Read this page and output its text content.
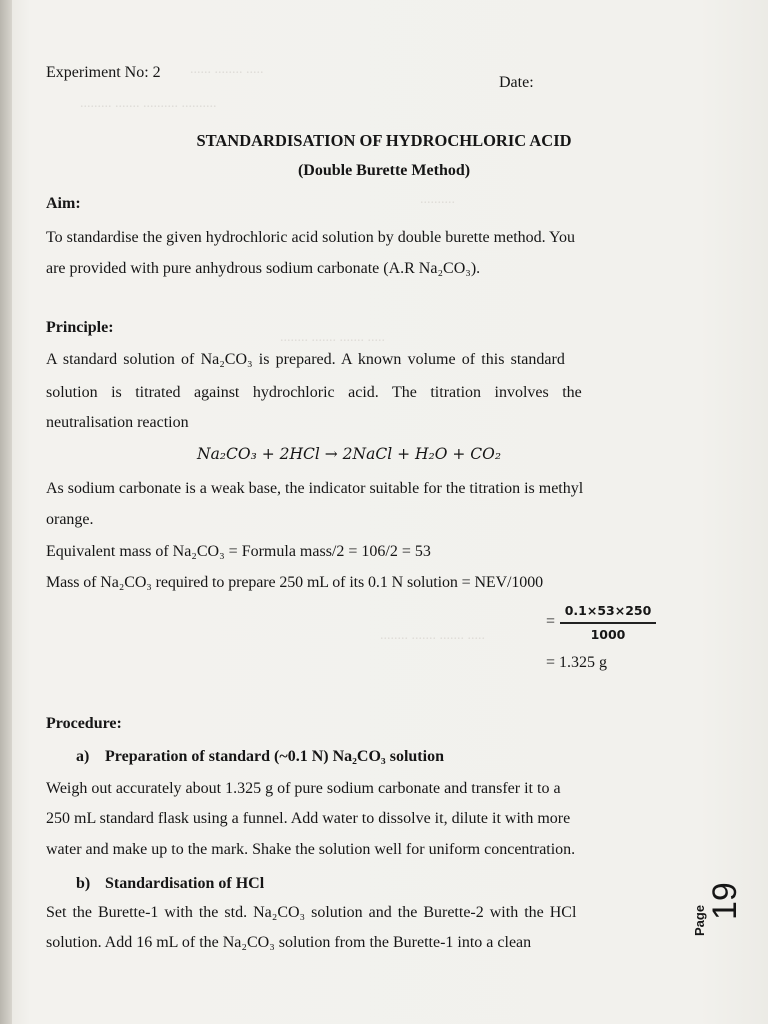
..... ........ ......
.......... .......... ....... .........
..........
..... ....... ....... ........
..... ....... ....... ........
Experiment No: 2
Date:
STANDARDISATION OF HYDROCHLORIC ACID
(Double Burette Method)
Aim:
To standardise the given hydrochloric acid solution by double burette method. You
are provided with pure anhydrous sodium carbonate (A.R Na₂CO₃).
Principle:
A standard solution of Na₂CO₃ is prepared. A known volume of this standard
solution is titrated against hydrochloric acid. The titration involves the
neutralisation reaction
Na₂CO₃ + 2HCl → 2NaCl + H₂O + CO₂
As sodium carbonate is a weak base, the indicator suitable for the titration is methyl
orange.
Equivalent mass of Na₂CO₃ = Formula mass/2 = 106/2 = 53
Mass of Na₂CO₃ required to prepare 250 mL of its 0.1 N solution = NEV/1000
=
0.1×53×250
1000
= 1.325 g
Procedure:
a) Preparation of standard (~0.1 N) Na₂CO₃ solution
Weigh out accurately about 1.325 g of pure sodium carbonate and transfer it to a
250 mL standard flask using a funnel. Add water to dissolve it, dilute it with more
water and make up to the mark. Shake the solution well for uniform concentration.
b) Standardisation of HCl
Set the Burette-1 with the std. Na₂CO₃ solution and the Burette-2 with the HCl
solution. Add 16 mL of the Na₂CO₃ solution from the Burette-1 into a clean
Page
19
